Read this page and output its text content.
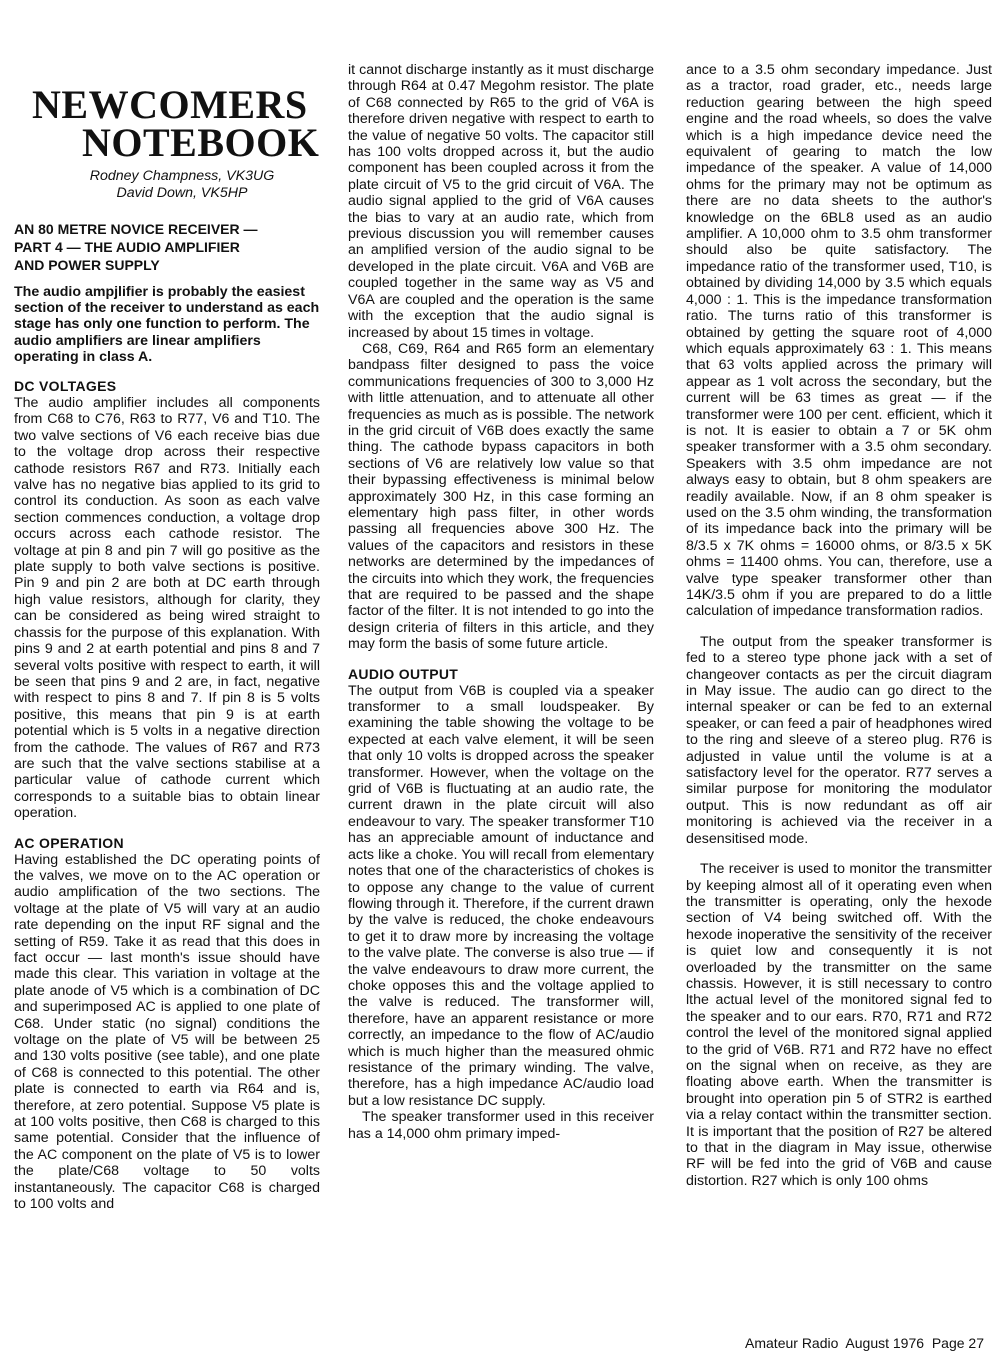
NEWCOMERS
NOTEBOOK
Rodney Champness, VK3UG
David Down, VK5HP
AN 80 METRE NOVICE RECEIVER —
PART 4 — THE AUDIO AMPLIFIER
AND POWER SUPPLY

The audio ampjlifier is probably the easiest section of the receiver to understand as each stage has only one function to perform. The audio amplifiers are linear amplifiers operating in class A.

DC VOLTAGES

The audio amplifier includes all components from C68 to C76, R63 to R77, V6 and T10. The two valve sections of V6 each receive bias due to the voltage drop across their respective cathode resistors R67 and R73. Initially each valve has no negative bias applied to its grid to control its conduction. As soon as each valve section commences conduction, a voltage drop occurs across each cathode resistor. The voltage at pin 8 and pin 7 will go positive as the plate supply to both valve sections is positive. Pin 9 and pin 2 are both at DC earth through high value resistors, although for clarity, they can be considered as being wired straight to chassis for the purpose of this explanation. With pins 9 and 2 at earth potential and pins 8 and 7 several volts positive with respect to earth, it will be seen that pins 9 and 2 are, in fact, negative with respect to pins 8 and 7. If pin 8 is 5 volts positive, this means that pin 9 is at earth potential which is 5 volts in a negative direction from the cathode. The values of R67 and R73 are such that the valve sections stabilise at a particular value of cathode current which corresponds to a suitable bias to obtain linear operation.

AC OPERATION

Having established the DC operating points of the valves, we move on to the AC operation or audio amplification of the two sections. The voltage at the plate of V5 will vary at an audio rate depending on the input RF signal and the setting of R59. Take it as read that this does in fact occur — last month's issue should have made this clear. This variation in voltage at the plate anode of V5 which is a combination of DC and superimposed AC is applied to one plate of C68. Under static (no signal) conditions the voltage on the plate of V5 will be between 25 and 130 volts positive (see table), and one plate of C68 is connected to this potential. The other plate is connected to earth via R64 and is, therefore, at zero potential. Suppose V5 plate is at 100 volts positive, then C68 is charged to this same potential. Consider that the influence of the AC component on the plate of V5 is to lower the plate/C68 voltage to 50 volts instantaneously. The capacitor C68 is charged to 100 volts and

it cannot discharge instantly as it must discharge through R64 at 0.47 Megohm resistor. The plate of C68 connected by R65 to the grid of V6A is therefore driven negative with respect to earth to the value of negative 50 volts. The capacitor still has 100 volts dropped across it, but the audio component has been coupled across it from the plate circuit of V5 to the grid circuit of V6A. The audio signal applied to the grid of V6A causes the bias to vary at an audio rate, which from previous discussion you will remember causes an amplified version of the audio signal to be developed in the plate circuit. V6A and V6B are coupled together in the same way as V5 and V6A are coupled and the operation is the same with the exception that the audio signal is increased by about 15 times in voltage.

C68, C69, R64 and R65 form an elementary bandpass filter designed to pass the voice communications frequencies of 300 to 3,000 Hz with little attenuation, and to attenuate all other frequencies as much as is possible. The network in the grid circuit of V6B does exactly the same thing. The cathode bypass capacitors in both sections of V6 are relatively low value so that their bypassing effectiveness is minimal below approximately 300 Hz, in this case forming an elementary high pass filter, in other words passing all frequencies above 300 Hz. The values of the capacitors and resistors in these networks are determined by the impedances of the circuits into which they work, the frequencies that are required to be passed and the shape factor of the filter. It is not intended to go into the design criteria of filters in this article, and they may form the basis of some future article.

AUDIO OUTPUT

The output from V6B is coupled via a speaker transformer to a small loudspeaker. By examining the table showing the voltage to be expected at each valve element, it will be seen that only 10 volts is dropped across the speaker transformer. However, when the voltage on the grid of V6B is fluctuating at an audio rate, the current drawn in the plate circuit will also endeavour to vary. The speaker transformer T10 has an appreciable amount of inductance and acts like a choke. You will recall from elementary notes that one of the characteristics of chokes is to oppose any change to the value of current flowing through it. Therefore, if the current drawn by the valve is reduced, the choke endeavours to get it to draw more by increasing the voltage to the valve plate. The converse is also true — if the valve endeavours to draw more current, the choke opposes this and the voltage applied to the valve is reduced. The transformer will, therefore, have an apparent resistance or more correctly, an impedance to the flow of AC/audio which is much higher than the measured ohmic resistance of the primary winding. The valve, therefore, has a high impedance AC/audio load but a low resistance DC supply.

The speaker transformer used in this receiver has a 14,000 ohm primary imped-

ance to a 3.5 ohm secondary impedance. Just as a tractor, road grader, etc., needs large reduction gearing between the high speed engine and the road wheels, so does the valve which is a high impedance device need the equivalent of gearing to match the low impedance of the speaker. A value of 14,000 ohms for the primary may not be optimum as there are no data sheets to the author's knowledge on the 6BL8 used as an audio amplifier. A 10,000 ohm to 3.5 ohm transformer should also be quite satisfactory. The impedance ratio of the transformer used, T10, is obtained by dividing 14,000 by 3.5 which equals 4,000 : 1. This is the impedance transformation ratio. The turns ratio of this transformer is obtained by getting the square root of 4,000 which equals approximately 63 : 1. This means that 63 volts applied across the primary will appear as 1 volt across the secondary, but the current will be 63 times as great — if the transformer were 100 per cent. efficient, which it is not. It is easier to obtain a 7 or 5K ohm speaker transformer with a 3.5 ohm secondary. Speakers with 3.5 ohm impedance are not always easy to obtain, but 8 ohm speakers are readily available. Now, if an 8 ohm speaker is used on the 3.5 ohm winding, the transformation of its impedance back into the primary will be 8/3.5 x 7K ohms = 16000 ohms, or 8/3.5 x 5K ohms = 11400 ohms. You can, therefore, use a valve type speaker transformer other than 14K/3.5 ohm if you are prepared to do a little calculation of impedance transformation radios.

The output from the speaker transformer is fed to a stereo type phone jack with a set of changeover contacts as per the circuit diagram in May issue. The audio can go direct to the internal speaker or can be fed to an external speaker, or can feed a pair of headphones wired to the ring and sleeve of a stereo plug. R76 is adjusted in value until the volume is at a satisfactory level for the operator. R77 serves a similar purpose for monitoring the modulator output. This is now redundant as off air monitoring is achieved via the receiver in a desensitised mode.

The receiver is used to monitor the transmitter by keeping almost all of it operating even when the transmitter is operating, only the hexode section of V4 being switched off. With the hexode inoperative the sensitivity of the receiver is quiet low and consequently it is not overloaded by the transmitter on the same chassis. However, it is still necessary to contro lthe actual level of the monitored signal fed to the speaker and to our ears. R70, R71 and R72 control the level of the monitored signal applied to the grid of V6B. R71 and R72 have no effect on the signal when on receive, as they are floating above earth. When the transmitter is brought into operation pin 5 of STR2 is earthed via a relay contact within the transmitter section. It is important that the position of R27 be altered to that in the diagram in May issue, otherwise RF will be fed into the grid of V6B and cause distortion. R27 which is only 100 ohms

Amateur Radio August 1976 Page 27
